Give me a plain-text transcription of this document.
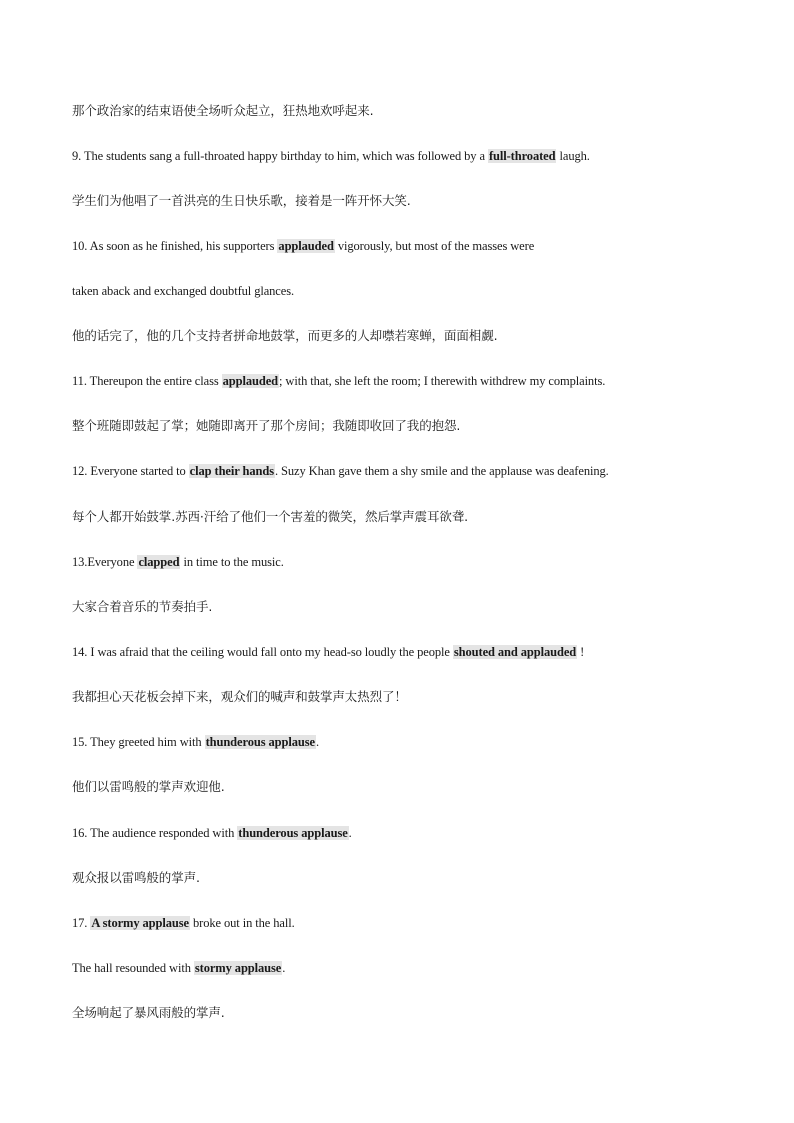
那个政治家的结束语使全场听众起立，狂热地欢呼起来.
9. The students sang a full-throated happy birthday to him, which was followed by a full-throated laugh.
学生们为他唱了一首洪亮的生日快乐歌，接着是一阵开怀大笑.
10. As soon as he finished, his supporters applauded vigorously, but most of the masses were
taken aback and exchanged doubtful glances.
他的话完了，他的几个支持者拼命地鼓掌，而更多的人却噤若寒蝉，面面相觑.
11. Thereupon the entire class applauded; with that, she left the room; I therewith withdrew my complaints.
整个班随即鼓起了掌；她随即离开了那个房间；我随即收回了我的抱怨.
12. Everyone started to clap their hands. Suzy Khan gave them a shy smile and the applause was deafening.
每个人都开始鼓掌.苏西·汗给了他们一个害羞的微笑，然后掌声震耳欲聋.
13.Everyone clapped in time to the music.
大家合着音乐的节奏拍手.
14. I was afraid that the ceiling would fall onto my head-so loudly the people shouted and applauded !
我都担心天花板会掉下来，观众们的喊声和鼓掌声太热烈了！
15. They greeted him with thunderous applause.
他们以雷鸣般的掌声欢迎他.
16. The audience responded with thunderous applause.
观众报以雷鸣般的掌声.
17. A stormy applause broke out in the hall.
The hall resounded with stormy applause.
全场响起了暴风雨般的掌声.
